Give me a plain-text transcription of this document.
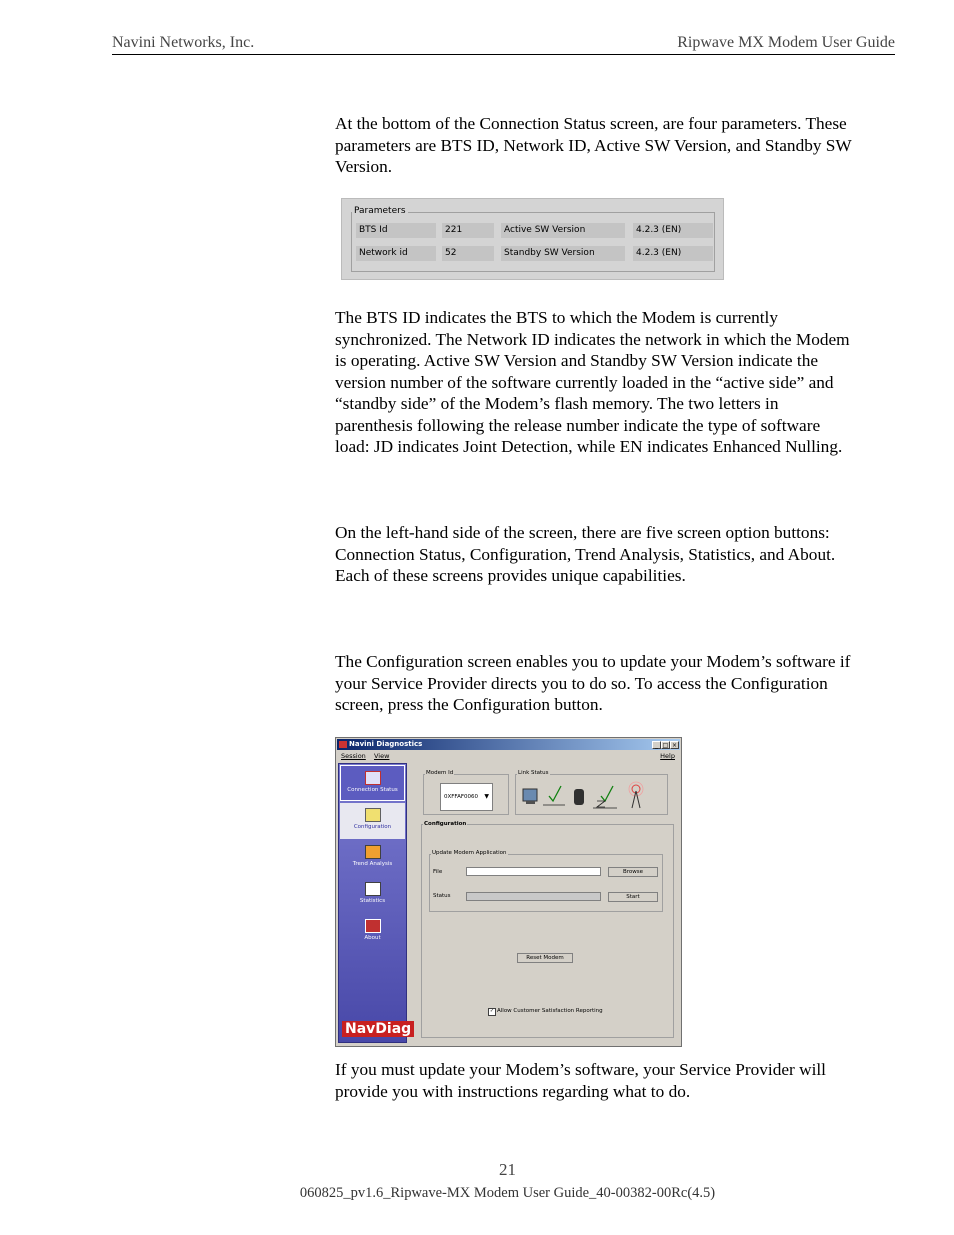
Navini Networks, Inc.	Ripwave MX Modem User Guide
At the bottom of the Connection Status screen, are four parameters. These parameters are BTS ID, Network ID, Active SW Version, and Standby SW Version.
Parameters
BTS Id	221	Active SW Version	4.2.3 (EN)
Network id	52	Standby SW Version	4.2.3 (EN)
The BTS ID indicates the BTS to which the Modem is currently synchronized. The Network ID indicates the network in which the Modem is operating. Active SW Version and Standby SW Version indicate the version number of the software currently loaded in the “active side” and “standby side” of the Modem’s flash memory. The two letters in parenthesis following the release number indicate the type of software load: JD indicates Joint Detection, while EN indicates Enhanced Nulling.
On the left-hand side of the screen, there are five screen option buttons: Connection Status, Configuration, Trend Analysis, Statistics, and About. Each of these screens provides unique capabilities.
The Configuration screen enables you to update your Modem’s software if your Service Provider directs you to do so. To access the Configuration screen, press the Configuration button.
Navini Diagnostics	_ □ ×
Session View	Help
Connection Status
Configuration
Trend Analysis
Statistics
About
NavDiag
Modem Id
0XFFAF0060 ▼
Link Status
Configuration
Update Modem Application
File	Browse
Status	Start
Reset Modem
✓ Allow Customer Satisfaction Reporting
If you must update your Modem’s software, your Service Provider will provide you with instructions regarding what to do.
21
060825_pv1.6_Ripwave-MX Modem User Guide_40-00382-00Rc(4.5)
